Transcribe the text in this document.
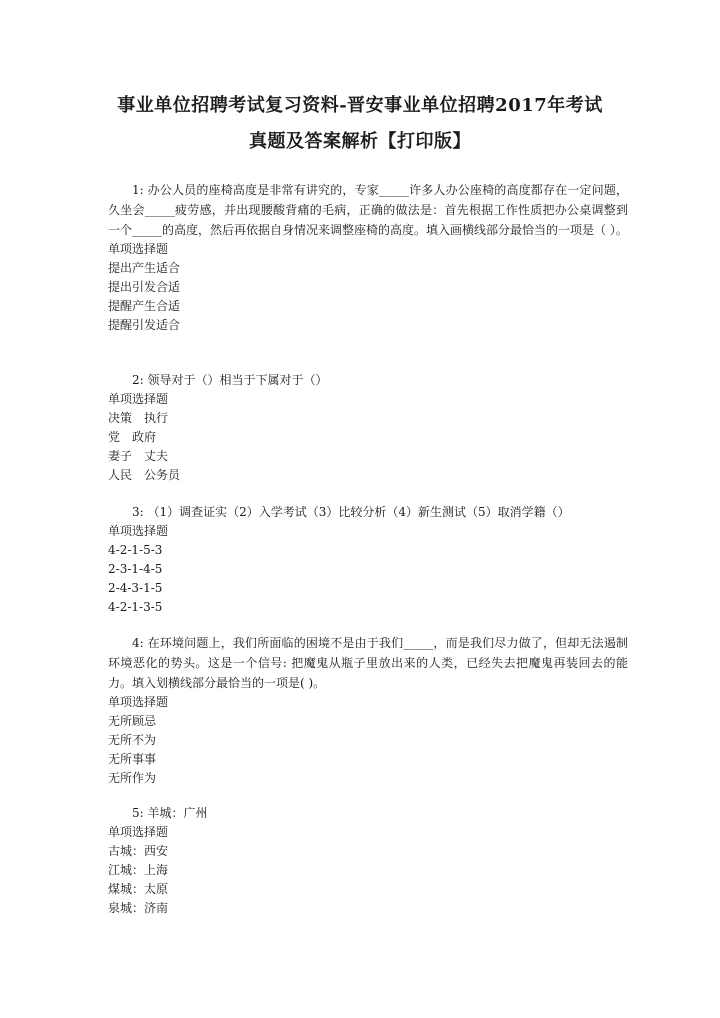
事业单位招聘考试复习资料-晋安事业单位招聘2017年考试
真题及答案解析【打印版】

1: 办公人员的座椅高度是非常有讲究的，专家_____许多人办公座椅的高度都存在一定问题，久坐会_____疲劳感，并出现腰酸背痛的毛病，正确的做法是：首先根据工作性质把办公桌调整到一个_____的高度，然后再依据自身情况来调整座椅的高度。填入画横线部分最恰当的一项是（ ）。

单项选择题

提出产生适合

提出引发合适

提醒产生合适

提醒引发适合

2: 领导对于（）相当于下属对于（）

单项选择题

决策　执行

党　政府

妻子　丈夫

人民　公务员

3: （1）调查证实（2）入学考试（3）比较分析（4）新生测试（5）取消学籍（）

单项选择题

4-2-1-5-3

2-3-1-4-5

2-4-3-1-5

4-2-1-3-5

4: 在环境问题上，我们所面临的困境不是由于我们_____，而是我们尽力做了，但却无法遏制环境恶化的势头。这是一个信号: 把魔鬼从瓶子里放出来的人类，已经失去把魔鬼再装回去的能力。填入划横线部分最恰当的一项是( )。

单项选择题

无所顾忌

无所不为

无所事事

无所作为

5: 羊城：广州

单项选择题

古城：西安

江城：上海

煤城：太原

泉城：济南
